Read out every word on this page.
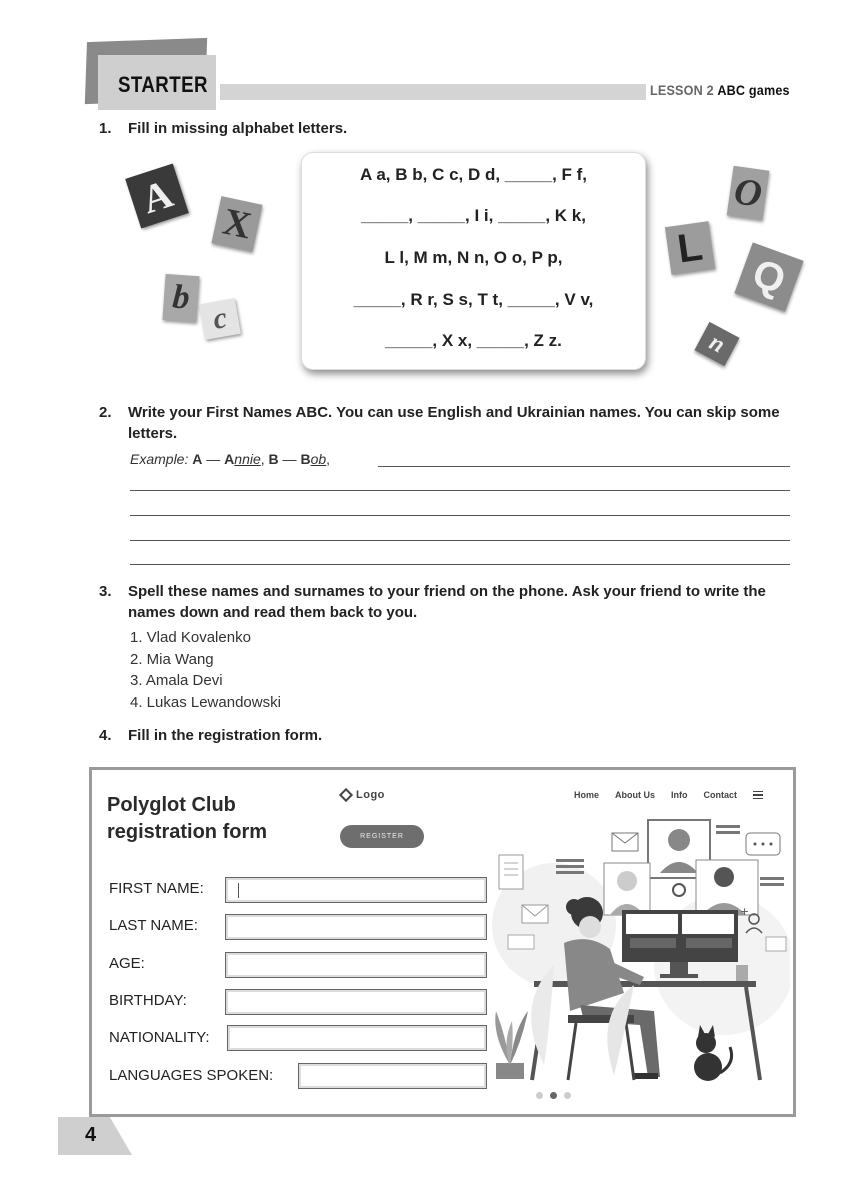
STARTER	LESSON 2 ABC games
1.	Fill in missing alphabet letters.
A
X
b
c
A a, B b, C c, D d, _____, F f,
_____, _____, I i, _____, K k,
L l, M m, N n, O o, P p,
_____, R r, S s, T t, _____, V v,
_____, X x, _____, Z z.
O
L
Q
n
2.	Write your First Names ABC. You can use English and Ukrainian names. You can skip some letters.
Example: A — Annie, B — Bob,
3.	Spell these names and surnames to your friend on the phone. Ask your friend to write the names down and read them back to you.
1. Vlad Kovalenko
2. Mia Wang
3. Amala Devi
4. Lukas Lewandowski
4.	Fill in the registration form.
Polyglot Club
registration form
Logo
REGISTER
Home About Us Info Contact
+
FIRST NAME:
LAST NAME:
AGE:
BIRTHDAY:
NATIONALITY:
LANGUAGES SPOKEN:
4
